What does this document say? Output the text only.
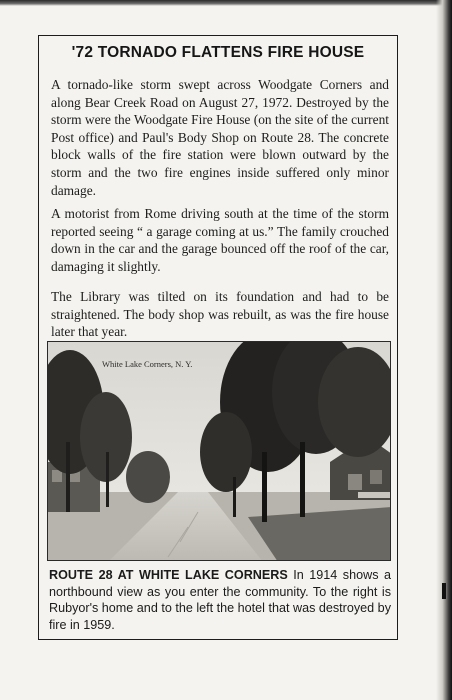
'72 TORNADO FLATTENS FIRE HOUSE

A tornado-like storm swept across Woodgate Corners and along Bear Creek Road on August 27, 1972. Destroyed by the storm were the Woodgate Fire House (on the site of the current Post office) and Paul's Body Shop on Route 28. The concrete block walls of the fire station were blown outward by the storm and the two fire engines inside suffered only minor damage.

A motorist from Rome driving south at the time of the storm reported seeing “ a garage coming at us.” The family crouched down in the car and the garage bounced off the roof of the car, damaging it slightly.

The Library was tilted on its foundation and had to be straightened. The body shop was rebuilt, as was the fire house later that year.

White Lake Corners, N. Y.

ROUTE 28 AT WHITE LAKE CORNERS In 1914 shows a northbound view as you enter the community. To the right is Rubyor's home and to the left the hotel that was destroyed by fire in 1959.
